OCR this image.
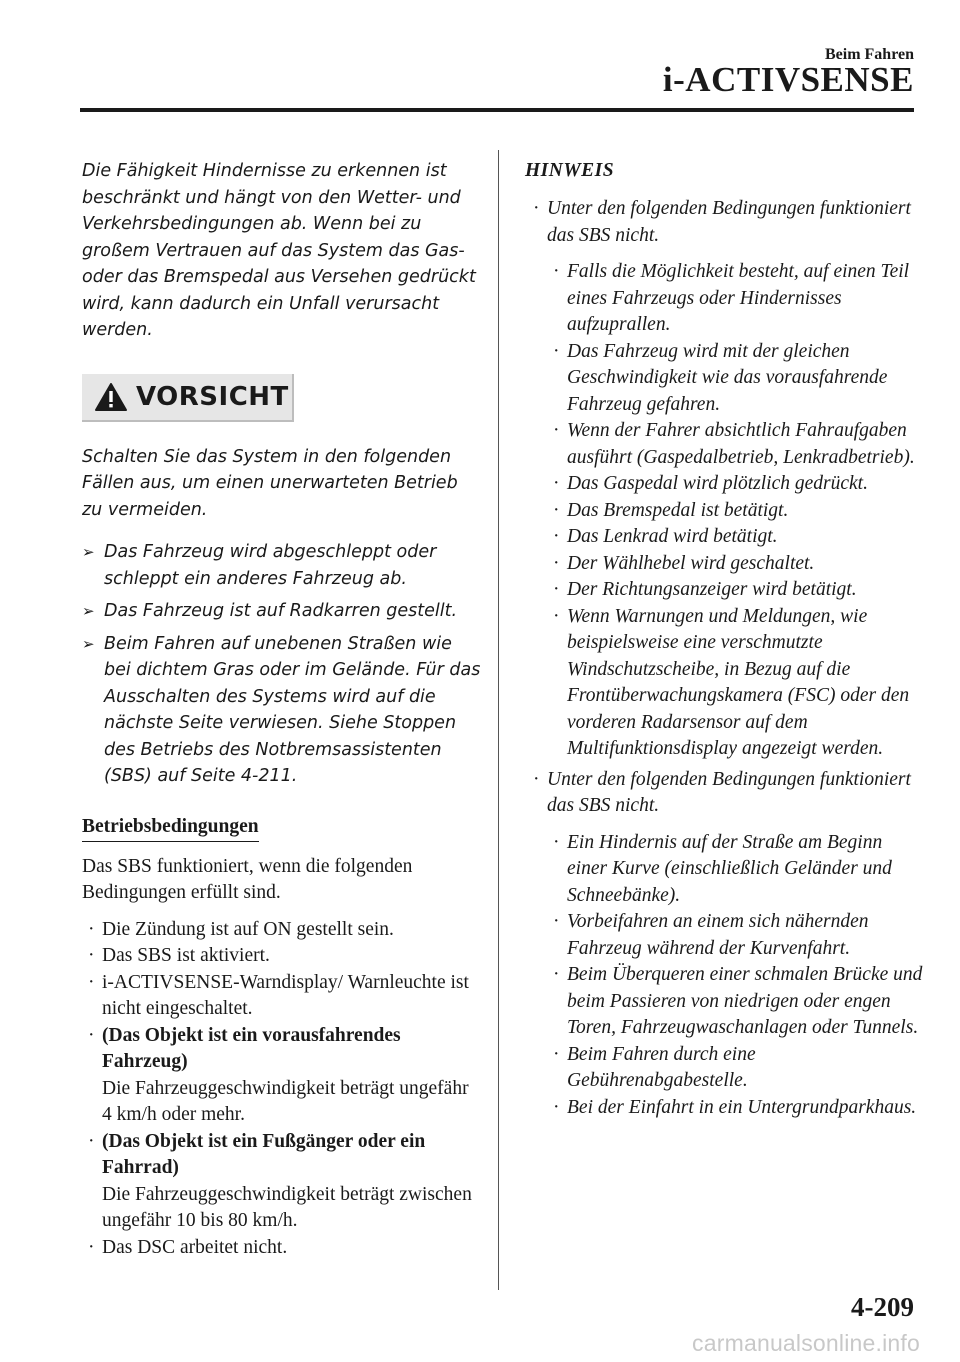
Beim Fahren
i-ACTIVSENSE

Die Fähigkeit Hindernisse zu erkennen ist beschränkt und hängt von den Wetter- und Verkehrsbedingungen ab. Wenn bei zu großem Vertrauen auf das System das Gas- oder das Bremspedal aus Versehen gedrückt wird, kann dadurch ein Unfall verursacht werden.

VORSICHT

Schalten Sie das System in den folgenden Fällen aus, um einen unerwarteten Betrieb zu vermeiden.

➢ Das Fahrzeug wird abgeschleppt oder schleppt ein anderes Fahrzeug ab.
➢ Das Fahrzeug ist auf Radkarren gestellt.
➢ Beim Fahren auf unebenen Straßen wie bei dichtem Gras oder im Gelände. Für das Ausschalten des Systems wird auf die nächste Seite verwiesen. Siehe Stoppen des Betriebs des Notbremsassistenten (SBS) auf Seite 4-211.
Betriebsbedingungen

Das SBS funktioniert, wenn die folgenden Bedingungen erfüllt sind.

· Die Zündung ist auf ON gestellt sein.
· Das SBS ist aktiviert.
· i-ACTIVSENSE-Warndisplay/ Warnleuchte ist nicht eingeschaltet.
· (Das Objekt ist ein vorausfahrendes Fahrzeug)
Die Fahrzeuggeschwindigkeit beträgt ungefähr 4 km/h oder mehr.
· (Das Objekt ist ein Fußgänger oder ein Fahrrad)
Die Fahrzeuggeschwindigkeit beträgt zwischen ungefähr 10 bis 80 km/h.
· Das DSC arbeitet nicht.
HINWEIS
· Unter den folgenden Bedingungen funktioniert das SBS nicht.
· Falls die Möglichkeit besteht, auf einen Teil eines Fahrzeugs oder Hindernisses aufzuprallen.
· Das Fahrzeug wird mit der gleichen Geschwindigkeit wie das vorausfahrende Fahrzeug gefahren.
· Wenn der Fahrer absichtlich Fahraufgaben ausführt (Gaspedalbetrieb, Lenkradbetrieb).
· Das Gaspedal wird plötzlich gedrückt.
· Das Bremspedal ist betätigt.
· Das Lenkrad wird betätigt.
· Der Wählhebel wird geschaltet.
· Der Richtungsanzeiger wird betätigt.
· Wenn Warnungen und Meldungen, wie beispielsweise eine verschmutzte Windschutzscheibe, in Bezug auf die Frontüberwachungskamera (FSC) oder den vorderen Radarsensor auf dem Multifunktionsdisplay angezeigt werden.
· Unter den folgenden Bedingungen funktioniert das SBS nicht.
· Ein Hindernis auf der Straße am Beginn einer Kurve (einschließlich Geländer und Schneebänke).
· Vorbeifahren an einem sich nähernden Fahrzeug während der Kurvenfahrt.
· Beim Überqueren einer schmalen Brücke und beim Passieren von niedrigen oder engen Toren, Fahrzeugwaschanlagen oder Tunnels.
· Beim Fahren durch eine Gebührenabgabestelle.
· Bei der Einfahrt in ein Untergrundparkhaus.
4-209
carmanualsonline.info
